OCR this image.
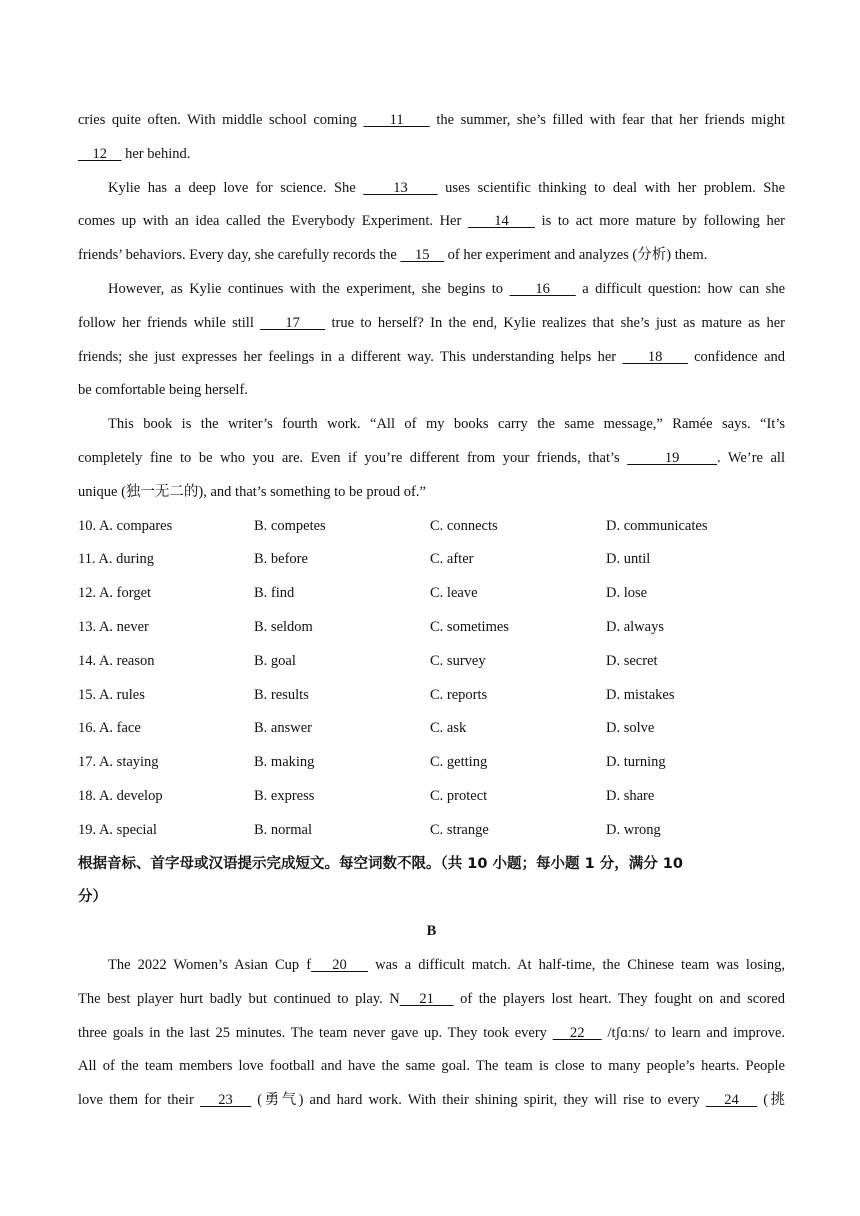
cries quite often. With middle school coming     11     the summer, she’s filled with fear that her friends might
12     her behind.
Kylie has a deep love for science. She     13     uses scientific thinking to deal with her problem. She
comes up with an idea called the Everybody Experiment. Her     14     is to act more mature by following her
friends’ behaviors. Every day, she carefully records the     15     of her experiment and analyzes (分析) them.
However, as Kylie continues with the experiment, she begins to     16     a difficult question: how can she
follow her friends while still     17     true to herself? In the end, Kylie realizes that she’s just as mature as her
friends; she just expresses her feelings in a different way. This understanding helps her     18     confidence and
be comfortable being herself.
This book is the writer’s fourth work. “All of my books carry the same message,” Ramée says. “It’s
completely fine to be who you are. Even if you’re different from your friends, that’s      19     . We’re all
unique (独一无二的), and that’s something to be proud of.”
10. A. compares	B. competes	C. connects	D. communicates
11. A. during	B. before	C. after	D. until
12. A. forget	B. find	C. leave	D. lose
13. A. never	B. seldom	C. sometimes	D. always
14. A. reason	B. goal	C. survey	D. secret
15. A. rules	B. results	C. reports	D. mistakes
16. A. face	B. answer	C. ask	D. solve
17. A. staying	B. making	C. getting	D. turning
18. A. develop	B. express	C. protect	D. share
19. A. special	B. normal	C. strange	D. wrong
根据音标、首字母或汉语提示完成短文。每空词数不限。（共 10 小题；每小题 1 分，满分 10
分）
B
The 2022 Women’s Asian Cup f   20    was a difficult match. At half-time, the Chinese team was losing,
The best player hurt badly but continued to play. N   21    of the players lost heart. They fought on and scored
three goals in the last 25 minutes. The team never gave up. They took every    22    /tʃɑːns/ to learn and improve.
All of the team members love football and have the same goal. The team is close to many people’s hearts. People
love them for their    23    (勇气) and hard work. With their shining spirit, they will rise to every    24    (挑
